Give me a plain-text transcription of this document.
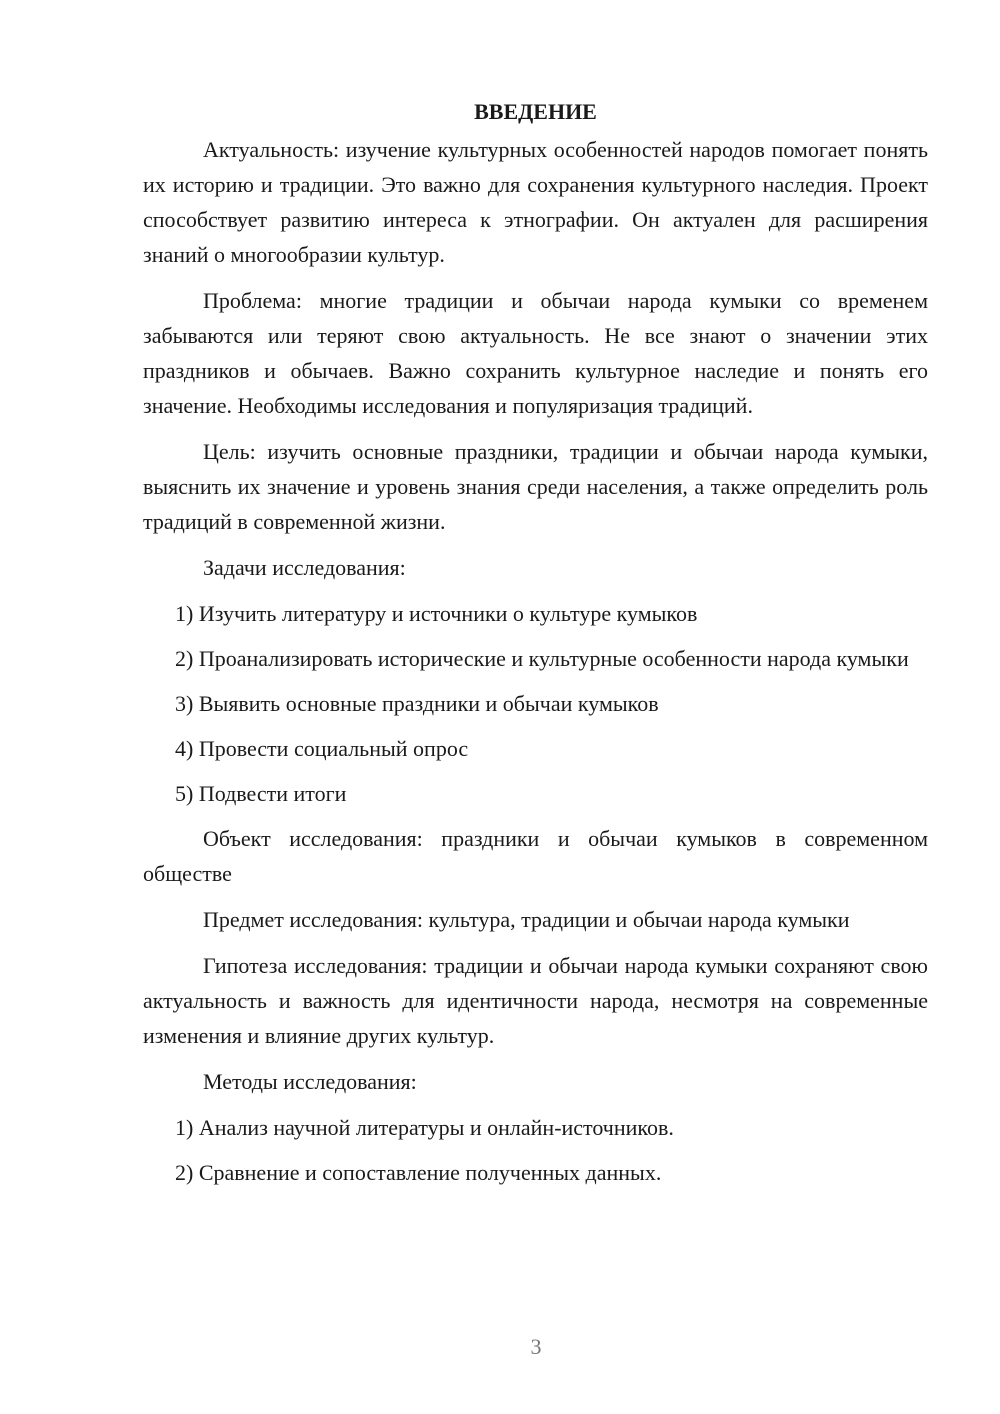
ВВЕДЕНИЕ
Актуальность: изучение культурных особенностей народов помогает понять их историю и традиции. Это важно для сохранения культурного наследия. Проект способствует развитию интереса к этнографии. Он актуален для расширения знаний о многообразии культур.
Проблема: многие традиции и обычаи народа кумыки со временем забываются или теряют свою актуальность. Не все знают о значении этих праздников и обычаев. Важно сохранить культурное наследие и понять его значение. Необходимы исследования и популяризация традиций.
Цель: изучить основные праздники, традиции и обычаи народа кумыки, выяснить их значение и уровень знания среди населения, а также определить роль традиций в современной жизни.
Задачи исследования:
1) Изучить литературу и источники о культуре кумыков
2) Проанализировать исторические и культурные особенности народа кумыки
3) Выявить основные праздники и обычаи кумыков
4) Провести социальный опрос
5) Подвести итоги
Объект исследования: праздники и обычаи кумыков в современном обществе
Предмет исследования: культура, традиции и обычаи народа кумыки
Гипотеза исследования: традиции и обычаи народа кумыки сохраняют свою актуальность и важность для идентичности народа, несмотря на современные изменения и влияние других культур.
Методы исследования:
1) Анализ научной литературы и онлайн-источников.
2) Сравнение и сопоставление полученных данных.
3
